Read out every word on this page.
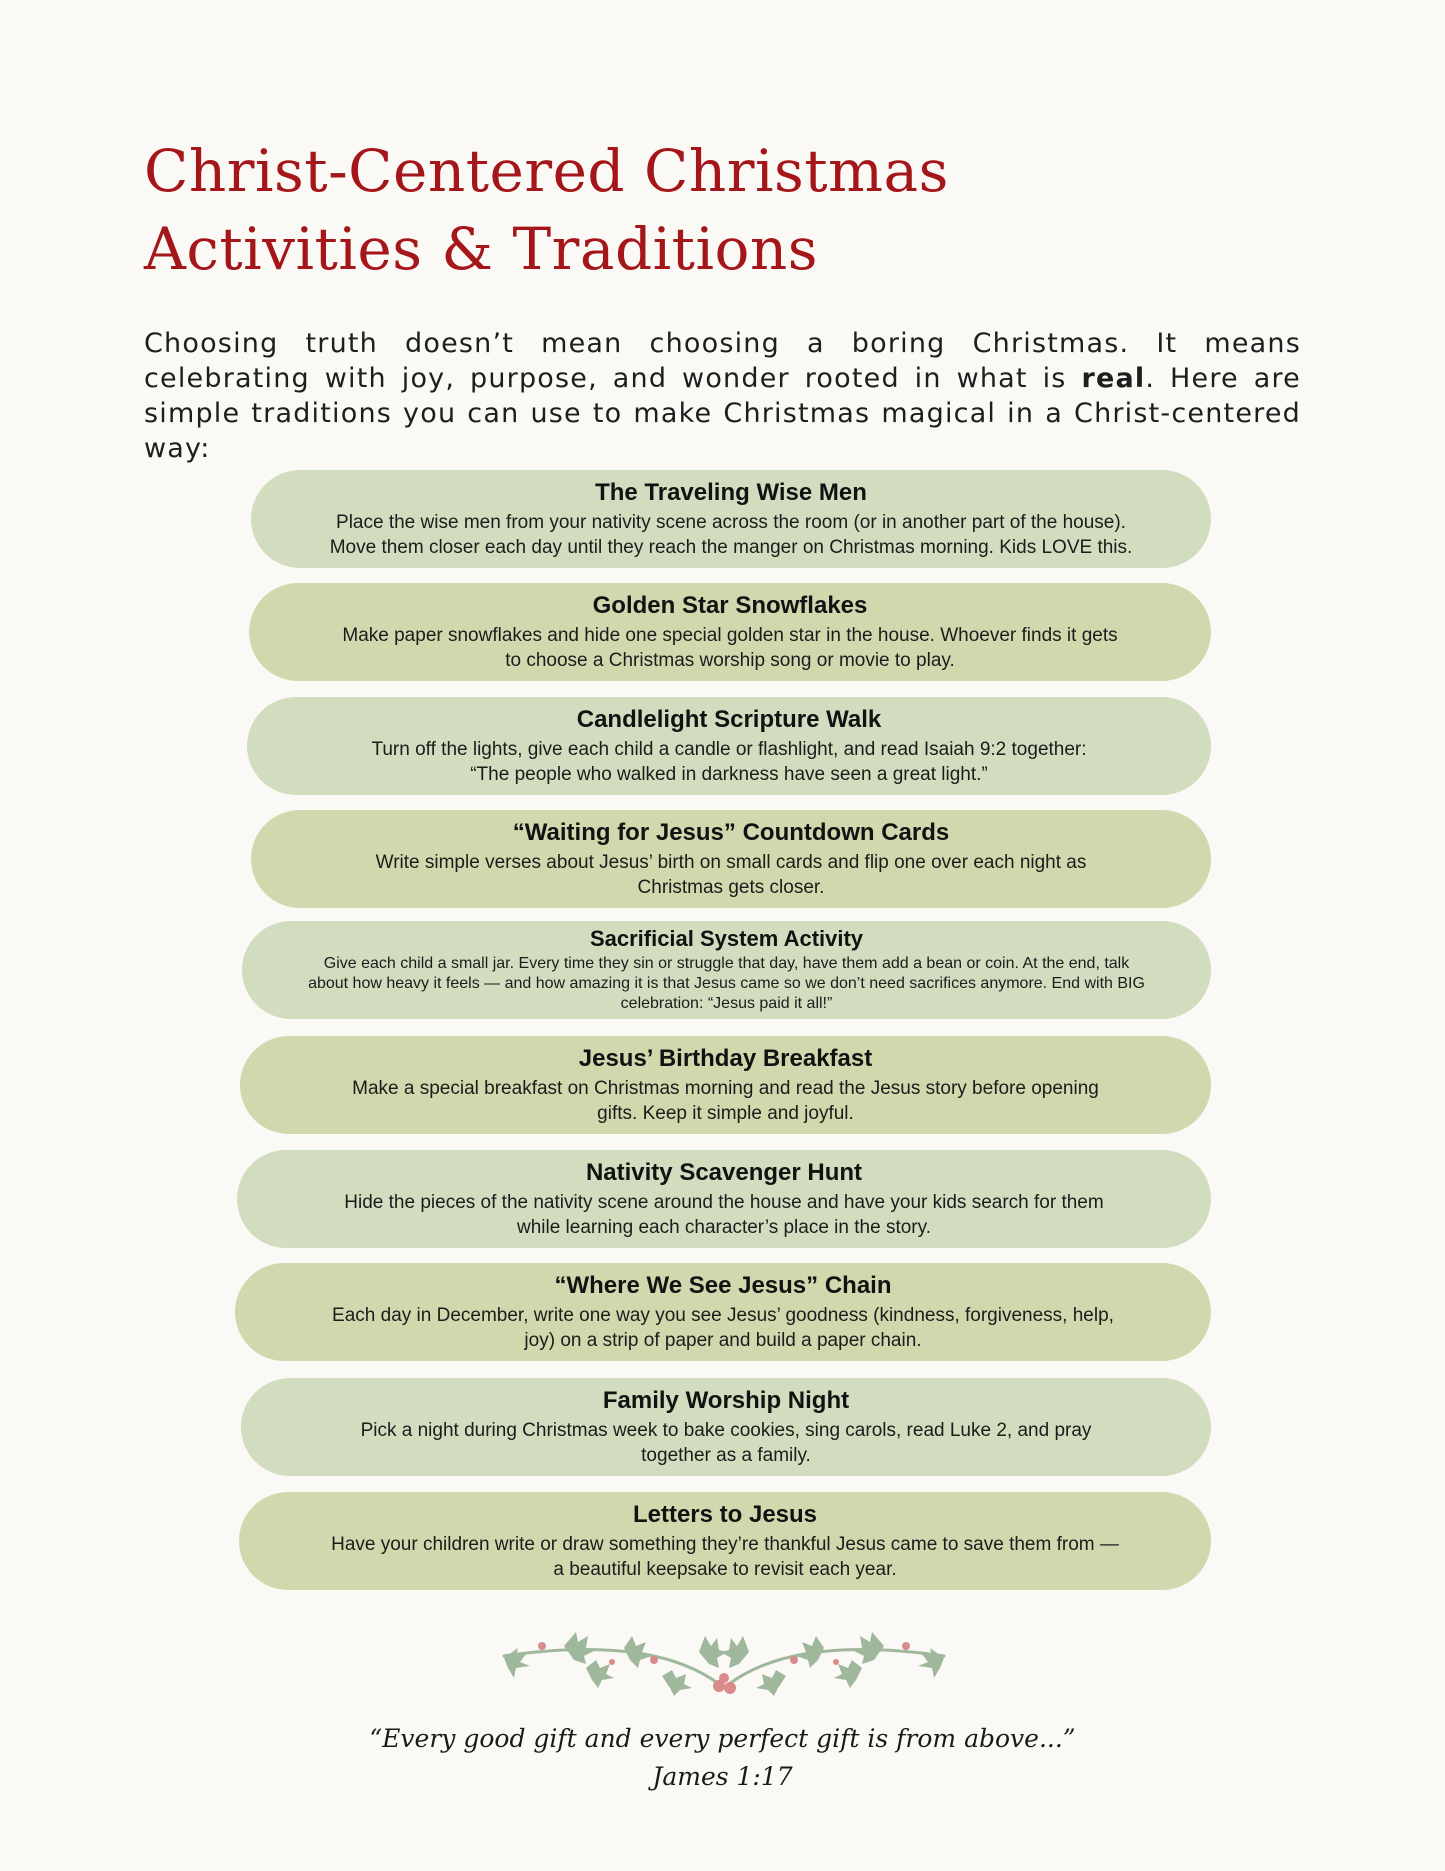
Christ-Centered Christmas
Activities & Traditions

Choosing truth doesn’t mean choosing a boring Christmas. It means celebrating with joy, purpose, and wonder rooted in what is real. Here are simple traditions you can use to make Christmas magical in a Christ-centered way:

The Traveling Wise Men
Place the wise men from your nativity scene across the room (or in another part of the house).
Move them closer each day until they reach the manger on Christmas morning. Kids LOVE this.
Golden Star Snowflakes
Make paper snowflakes and hide one special golden star in the house. Whoever finds it gets
to choose a Christmas worship song or movie to play.
Candlelight Scripture Walk
Turn off the lights, give each child a candle or flashlight, and read Isaiah 9:2 together:
“The people who walked in darkness have seen a great light.”
“Waiting for Jesus” Countdown Cards
Write simple verses about Jesus’ birth on small cards and flip one over each night as
Christmas gets closer.
Sacrificial System Activity
Give each child a small jar. Every time they sin or struggle that day, have them add a bean or coin. At the end, talk
about how heavy it feels — and how amazing it is that Jesus came so we don’t need sacrifices anymore. End with BIG
celebration: “Jesus paid it all!”
Jesus’ Birthday Breakfast
Make a special breakfast on Christmas morning and read the Jesus story before opening
gifts. Keep it simple and joyful.
Nativity Scavenger Hunt
Hide the pieces of the nativity scene around the house and have your kids search for them
while learning each character’s place in the story.
“Where We See Jesus” Chain
Each day in December, write one way you see Jesus’ goodness (kindness, forgiveness, help,
joy) on a strip of paper and build a paper chain.
Family Worship Night
Pick a night during Christmas week to bake cookies, sing carols, read Luke 2, and pray
together as a family.
Letters to Jesus
Have your children write or draw something they’re thankful Jesus came to save them from —
a beautiful keepsake to revisit each year.
“Every good gift and every perfect gift is from above...”
James 1:17
